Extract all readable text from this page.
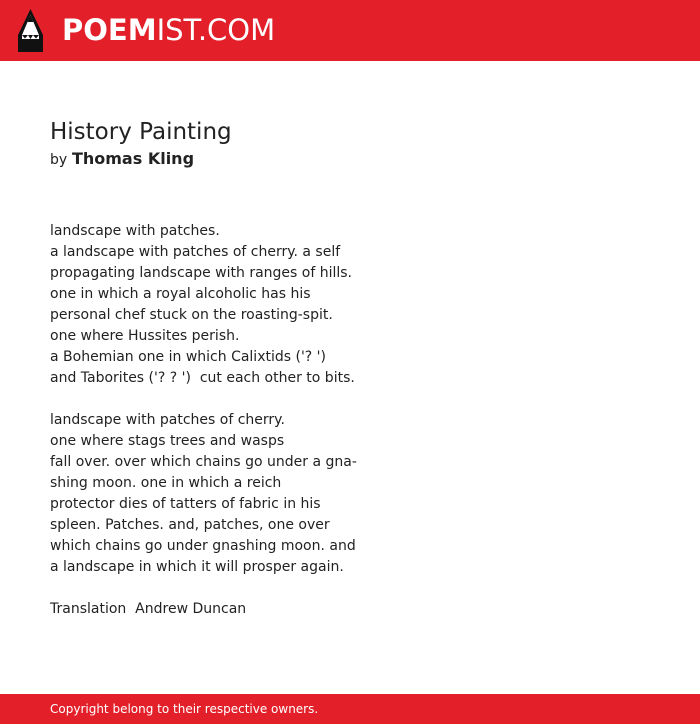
POEMIST.COM
History Painting
by Thomas Kling
landscape with patches.
a landscape with patches of cherry. a self
propagating landscape with ranges of hills.
one in which a royal alcoholic has his
personal chef stuck on the roasting-spit.
one where Hussites perish.
a Bohemian one in which Calixtids ('? ')
and Taborites ('? ? ')  cut each other to bits.
landscape with patches of cherry.
one where stags trees and wasps
fall over. over which chains go under a gna-
shing moon. one in which a reich
protector dies of tatters of fabric in his
spleen. Patches. and, patches, one over
which chains go under gnashing moon. and
a landscape in which it will prosper again.
Translation  Andrew Duncan
Copyright belong to their respective owners.
